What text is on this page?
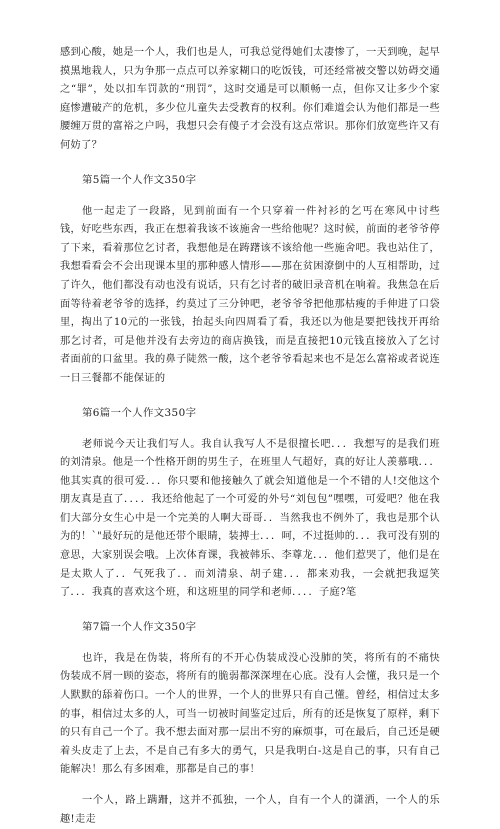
感到心酸，她是一个人，我们也是人，可我总觉得她们太凄惨了，一天到晚，起早摸黑地栽人，只为争那一点点可以养家糊口的吃饭钱，可还经常被交警以妨碍交通之“罪”，处以扣车罚款的“刑罚”，这时交通是可以顺畅一点，但你又让多少个家庭惨遭破产的危机，多少位儿童失去受教育的权利。你们难道会认为他们都是一些腰缠万贯的富裕之户吗，我想只会有傻子才会没有这点常识。那你们放宽些许又有何妨了？

第5篇一个人作文350字

他一起走了一段路，见到前面有一个只穿着一件衬衫的乞丐在寒风中讨些钱，好吃些东西，我正在想着我该不该施舍一些给他呢？这时候，前面的老爷爷停了下来，看着那位乞讨者，我想他是在踌躇该不该给他一些施舍吧。我也站住了，我想看看会不会出现课本里的那种感人情形——那在贫困潦倒中的人互相帮助，过了许久，他们都没有动也没有说话，只有乞讨者的破旧录音机在响着。我焦急在后面等待着老爷爷的选择，约莫过了三分钟吧，老爷爷爷把他那枯瘦的手伸进了口袋里，掏出了10元的一张钱，抬起头向四周看了看，我还以为他是要把钱找开再给那乞讨者，可是他并没有去旁边的商店换钱，而是直接把10元钱直接放入了乞讨者面前的口盆里。我的鼻子陡然一酸，这个老爷爷看起来也不是怎么富裕或者说连一日三餐都不能保证的

第6篇一个人作文350字

老师说今天让我们写人。我自认我写人不是很擅长吧．．．我想写的是我们班的刘清泉。他是一个性格开朗的男生子，在班里人气超好，真的好让人羡慕哦．．．他其实真的很可爱．．．你只要和他接触久了就会知道他是一个不错的人!交他这个朋友真是直了．．．．我还给他起了一个可爱的外号“刘包包”嘿嘿，可爱吧？他在我们大部分女生心中是一个完美的人啊大哥哥．．当然我也不例外了，我也是那个认为的！`"最好玩的是他还带个眼睛，装搏士．．．呵，不过挺帅的．．．我可没有别的意思，大家别误会哦。上次体育课，我被韩乐、李尊龙．．．他们惹哭了，他们是在是太欺人了．．气死我了．．而刘清泉、胡子建．．．都来劝我，一会就把我逗笑了．．．我真的喜欢这个班，和这班里的同学和老师．．．．子庭?笔

第7篇一个人作文350字

也许，我是在伪装，将所有的不开心伪装成没心没肺的笑，将所有的不痛快伪装成不屑一顾的姿态，将所有的脆弱都深深埋在心底。没有人会懂，我只是一个人默默的舔着伤口。一个人的世界，一个人的世界只有自己懂。曾经，相信过太多的事，相信过太多的人，可当一切被时间鉴定过后，所有的还是恢复了原样，剩下的只有自己一个了。我不想去面对那一层出不穷的麻烦事，可在最后，自己还是硬着头皮走了上去，不是自己有多大的勇气，只是我明白-这是自己的事，只有自己能解决！那么有多困难，那都是自己的事！

一个人，路上蹒跚，这并不孤独，一个人，自有一个人的潇洒，一个人的乐趣!走走
